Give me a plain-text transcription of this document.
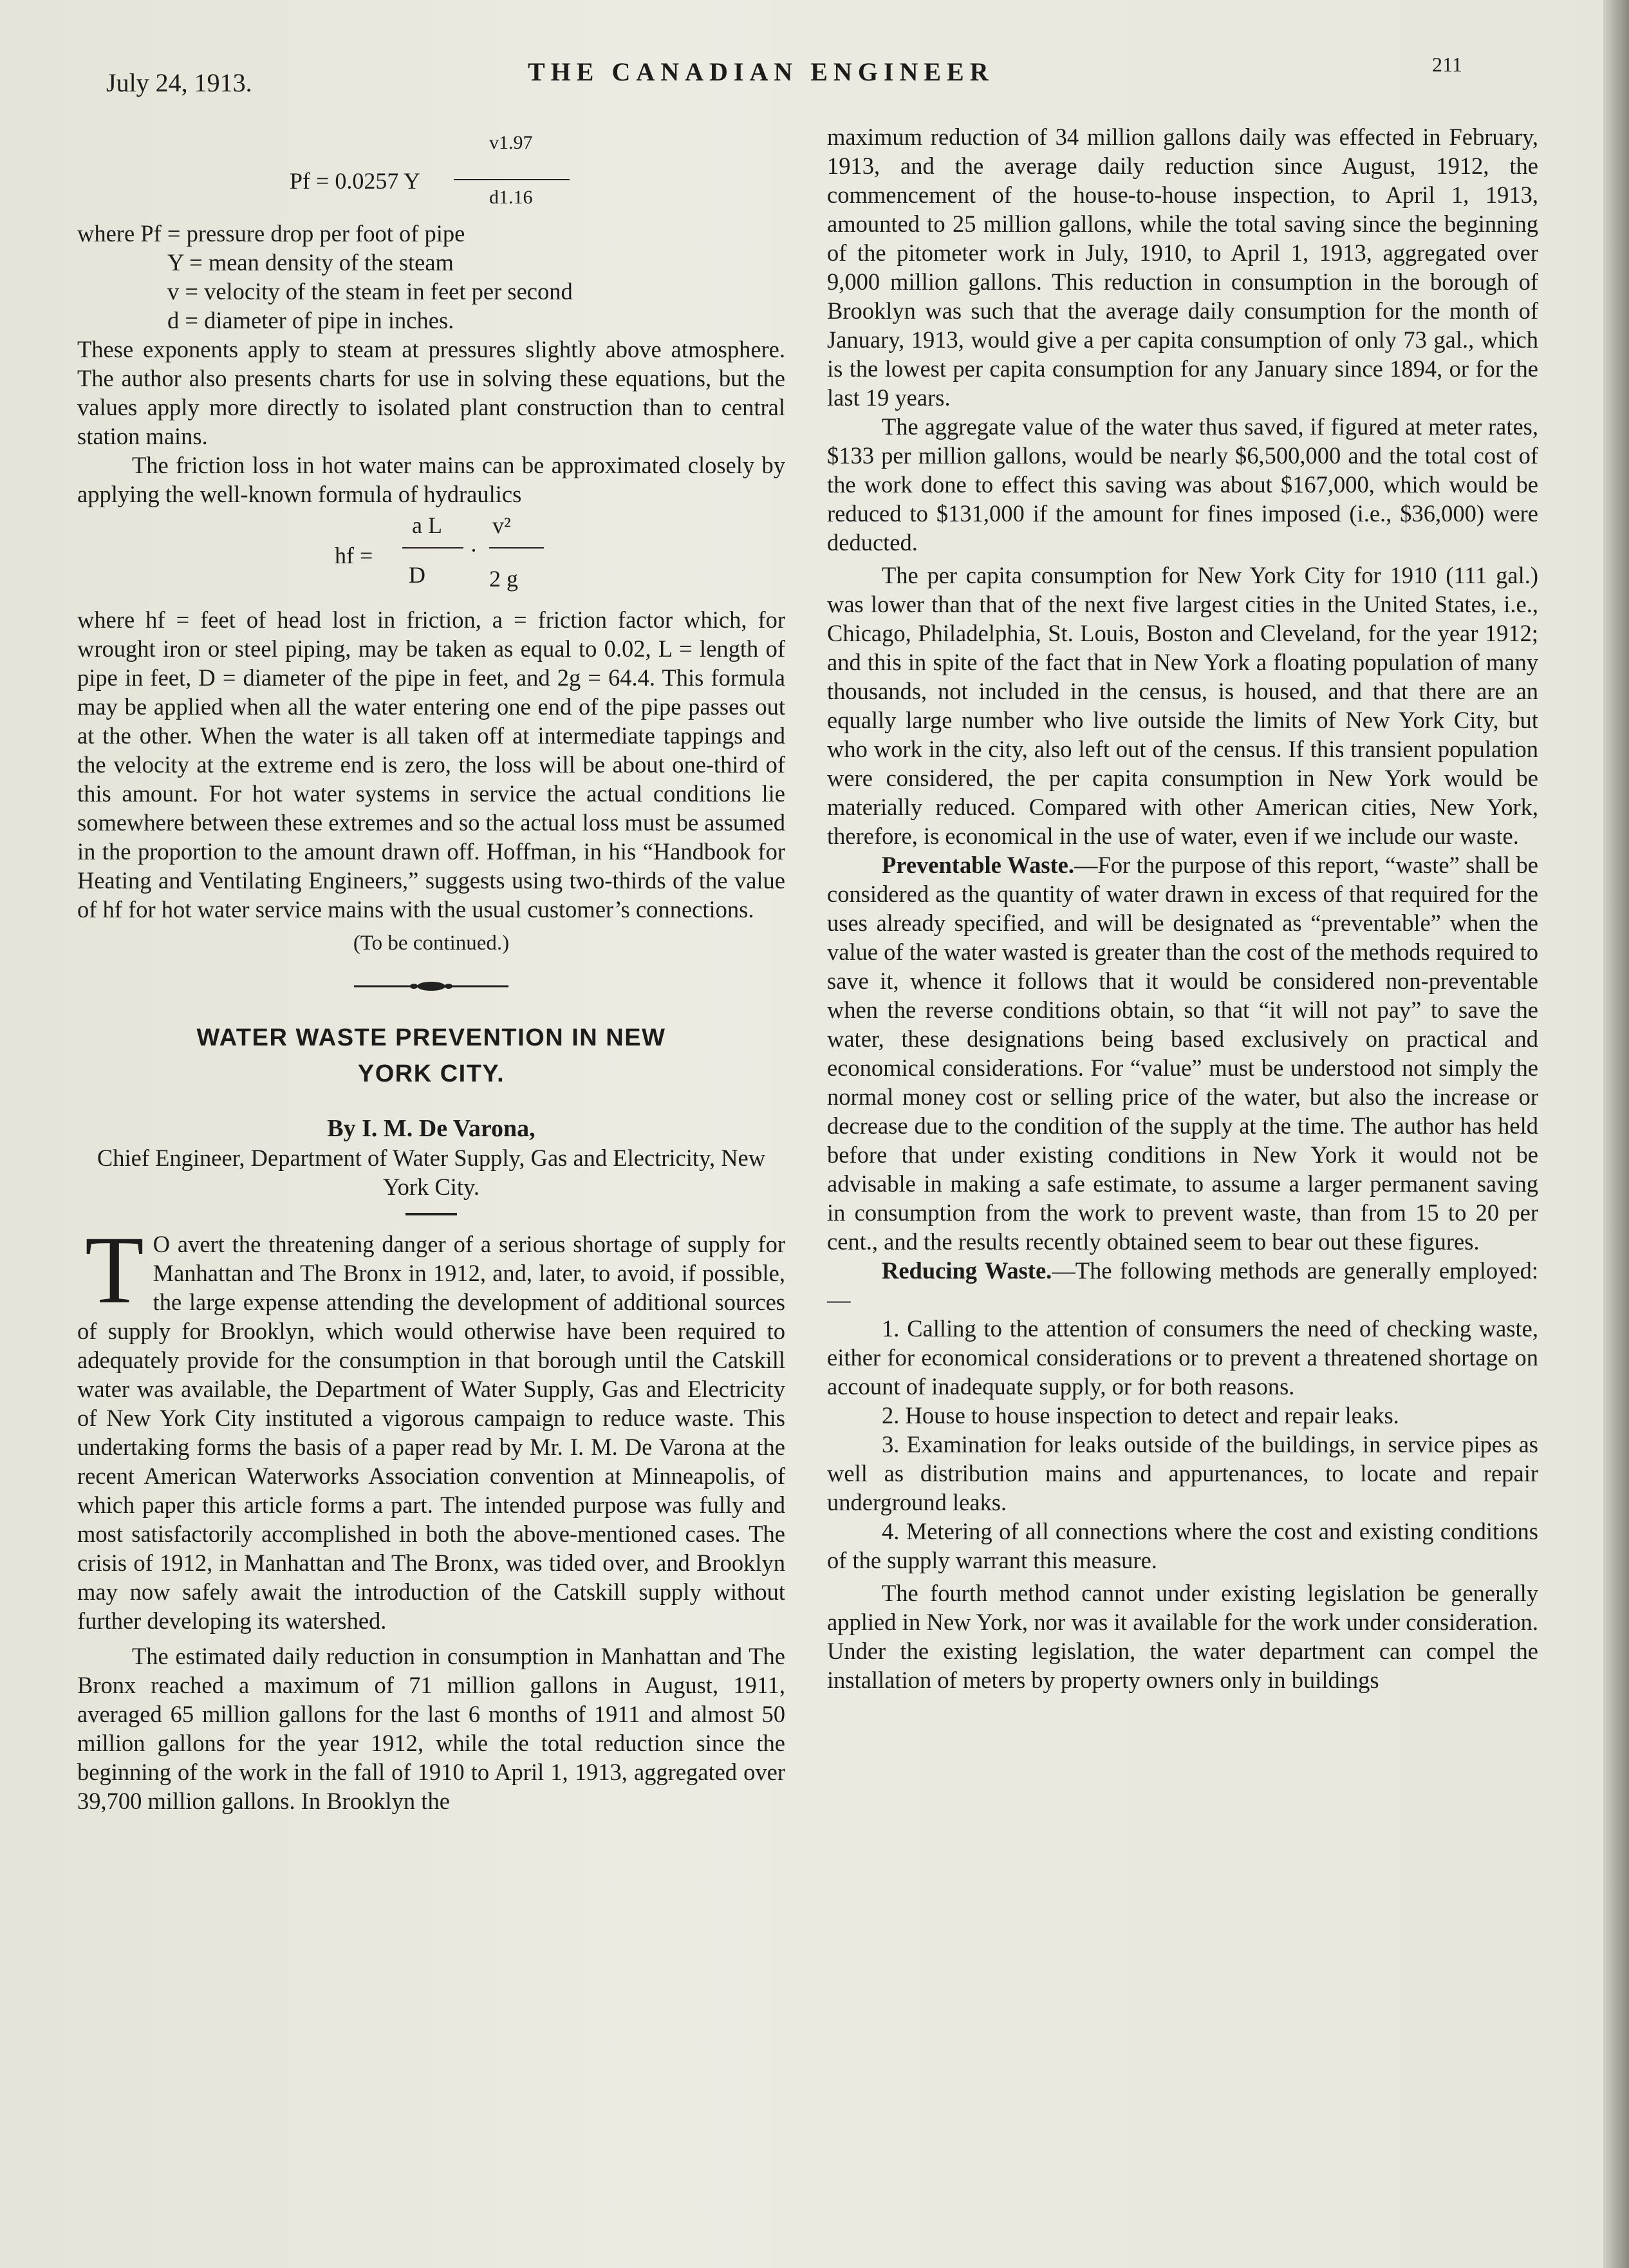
July 24, 1913.	THE CANADIAN ENGINEER	211
Pf = 0.0257 Y
v1.97
d1.16
where Pf = pressure drop per foot of pipe
Y = mean density of the steam
v = velocity of the steam in feet per second
d = diameter of pipe in inches.

These exponents apply to steam at pressures slightly above atmosphere. The author also presents charts for use in solving these equations, but the values apply more directly to isolated plant construction than to central station mains.

The friction loss in hot water mains can be approximated closely by applying the well-known formula of hydraulics

hf =
a L
D
·
v²
2 g

where hf = feet of head lost in friction, a = friction factor which, for wrought iron or steel piping, may be taken as equal to 0.02, L = length of pipe in feet, D = diameter of the pipe in feet, and 2g = 64.4. This formula may be applied when all the water entering one end of the pipe passes out at the other. When the water is all taken off at intermediate tappings and the velocity at the extreme end is zero, the loss will be about one-third of this amount. For hot water systems in service the actual conditions lie somewhere between these extremes and so the actual loss must be assumed in the proportion to the amount drawn off. Hoffman, in his “Handbook for Heating and Ventilating Engineers,” suggests using two-thirds of the value of hf for hot water service mains with the usual customer’s connections.

(To be continued.)
WATER WASTE PREVENTION IN NEW
YORK CITY.
By I. M. De Varona,
Chief Engineer, Department of Water Supply, Gas and Electricity, New York City.

T O avert the threatening danger of a serious shortage of supply for Manhattan and The Bronx in 1912, and, later, to avoid, if possible, the large expense attending the development of additional sources of supply for Brooklyn, which would otherwise have been required to adequately provide for the consumption in that borough until the Catskill water was available, the Department of Water Supply, Gas and Electricity of New York City instituted a vigorous campaign to reduce waste. This undertaking forms the basis of a paper read by Mr. I. M. De Varona at the recent American Waterworks Association convention at Minneapolis, of which paper this article forms a part. The intended purpose was fully and most satisfactorily accomplished in both the above-mentioned cases. The crisis of 1912, in Manhattan and The Bronx, was tided over, and Brooklyn may now safely await the introduction of the Catskill supply without further developing its watershed.

The estimated daily reduction in consumption in Manhattan and The Bronx reached a maximum of 71 million gallons in August, 1911, averaged 65 million gallons for the last 6 months of 1911 and almost 50 million gallons for the year 1912, while the total reduction since the beginning of the work in the fall of 1910 to April 1, 1913, aggregated over 39,700 million gallons. In Brooklyn the

maximum reduction of 34 million gallons daily was effected in February, 1913, and the average daily reduction since August, 1912, the commencement of the house-to-house inspection, to April 1, 1913, amounted to 25 million gallons, while the total saving since the beginning of the pitometer work in July, 1910, to April 1, 1913, aggregated over 9,000 million gallons. This reduction in consumption in the borough of Brooklyn was such that the average daily consumption for the month of January, 1913, would give a per capita consumption of only 73 gal., which is the lowest per capita consumption for any January since 1894, or for the last 19 years.

The aggregate value of the water thus saved, if figured at meter rates, $133 per million gallons, would be nearly $6,500,000 and the total cost of the work done to effect this saving was about $167,000, which would be reduced to $131,000 if the amount for fines imposed (i.e., $36,000) were deducted.

The per capita consumption for New York City for 1910 (111 gal.) was lower than that of the next five largest cities in the United States, i.e., Chicago, Philadelphia, St. Louis, Boston and Cleveland, for the year 1912; and this in spite of the fact that in New York a floating population of many thousands, not included in the census, is housed, and that there are an equally large number who live outside the limits of New York City, but who work in the city, also left out of the census. If this transient population were considered, the per capita consumption in New York would be materially reduced. Compared with other American cities, New York, therefore, is economical in the use of water, even if we include our waste.

Preventable Waste.—For the purpose of this report, “waste” shall be considered as the quantity of water drawn in excess of that required for the uses already specified, and will be designated as “preventable” when the value of the water wasted is greater than the cost of the methods required to save it, whence it follows that it would be considered non-preventable when the reverse conditions obtain, so that “it will not pay” to save the water, these designations being based exclusively on practical and economical considerations. For “value” must be understood not simply the normal money cost or selling price of the water, but also the increase or decrease due to the condition of the supply at the time. The author has held before that under existing conditions in New York it would not be advisable in making a safe estimate, to assume a larger permanent saving in consumption from the work to prevent waste, than from 15 to 20 per cent., and the results recently obtained seem to bear out these figures.

Reducing Waste.—The following methods are generally employed:—

1. Calling to the attention of consumers the need of checking waste, either for economical considerations or to prevent a threatened shortage on account of inadequate supply, or for both reasons.

2. House to house inspection to detect and repair leaks.

3. Examination for leaks outside of the buildings, in service pipes as well as distribution mains and appurtenances, to locate and repair underground leaks.

4. Metering of all connections where the cost and existing conditions of the supply warrant this measure.

The fourth method cannot under existing legislation be generally applied in New York, nor was it available for the work under consideration. Under the existing legislation, the water department can compel the installation of meters by property owners only in buildings
